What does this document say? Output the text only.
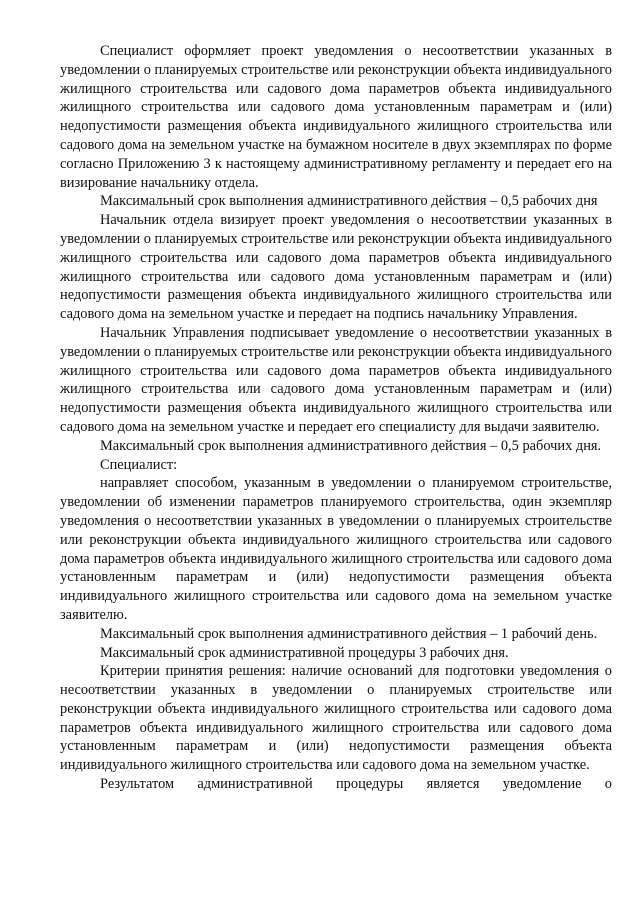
Специалист оформляет проект уведомления о несоответствии указанных в уведомлении о планируемых строительстве или реконструкции объекта индивидуального жилищного строительства или садового дома параметров объекта индивидуального жилищного строительства или садового дома установленным параметрам и (или) недопустимости размещения объекта индивидуального жилищного строительства или садового дома на земельном участке на бумажном носителе в двух экземплярах по форме согласно Приложению 3 к настоящему административному регламенту и передает его на визирование начальнику отдела.

Максимальный срок выполнения административного действия – 0,5 рабочих дня

Начальник отдела визирует проект уведомления о несоответствии указанных в уведомлении о планируемых строительстве или реконструкции объекта индивидуального жилищного строительства или садового дома параметров объекта индивидуального жилищного строительства или садового дома установленным параметрам и (или) недопустимости размещения объекта индивидуального жилищного строительства или садового дома на земельном участке и передает на подпись начальнику Управления.

Начальник Управления подписывает уведомление о несоответствии указанных в уведомлении о планируемых строительстве или реконструкции объекта индивидуального жилищного строительства или садового дома параметров объекта индивидуального жилищного строительства или садового дома установленным параметрам и (или) недопустимости размещения объекта индивидуального жилищного строительства или садового дома на земельном участке и передает его специалисту для выдачи заявителю.

Максимальный срок выполнения административного действия – 0,5 рабочих дня.

Специалист:

направляет способом, указанным в уведомлении о планируемом строительстве, уведомлении об изменении параметров планируемого строительства, один экземпляр уведомления о несоответствии указанных в уведомлении о планируемых строительстве или реконструкции объекта индивидуального жилищного строительства или садового дома параметров объекта индивидуального жилищного строительства или садового дома установленным параметрам и (или) недопустимости размещения объекта индивидуального жилищного строительства или садового дома на земельном участке заявителю.

Максимальный срок выполнения административного действия – 1 рабочий день.

Максимальный срок административной процедуры 3 рабочих дня.

Критерии принятия решения: наличие оснований для подготовки уведомления о несоответствии указанных в уведомлении о планируемых строительстве или реконструкции объекта индивидуального жилищного строительства или садового дома параметров объекта индивидуального жилищного строительства или садового дома установленным параметрам и (или) недопустимости размещения объекта индивидуального жилищного строительства или садового дома на земельном участке.

Результатом административной процедуры является уведомление о
